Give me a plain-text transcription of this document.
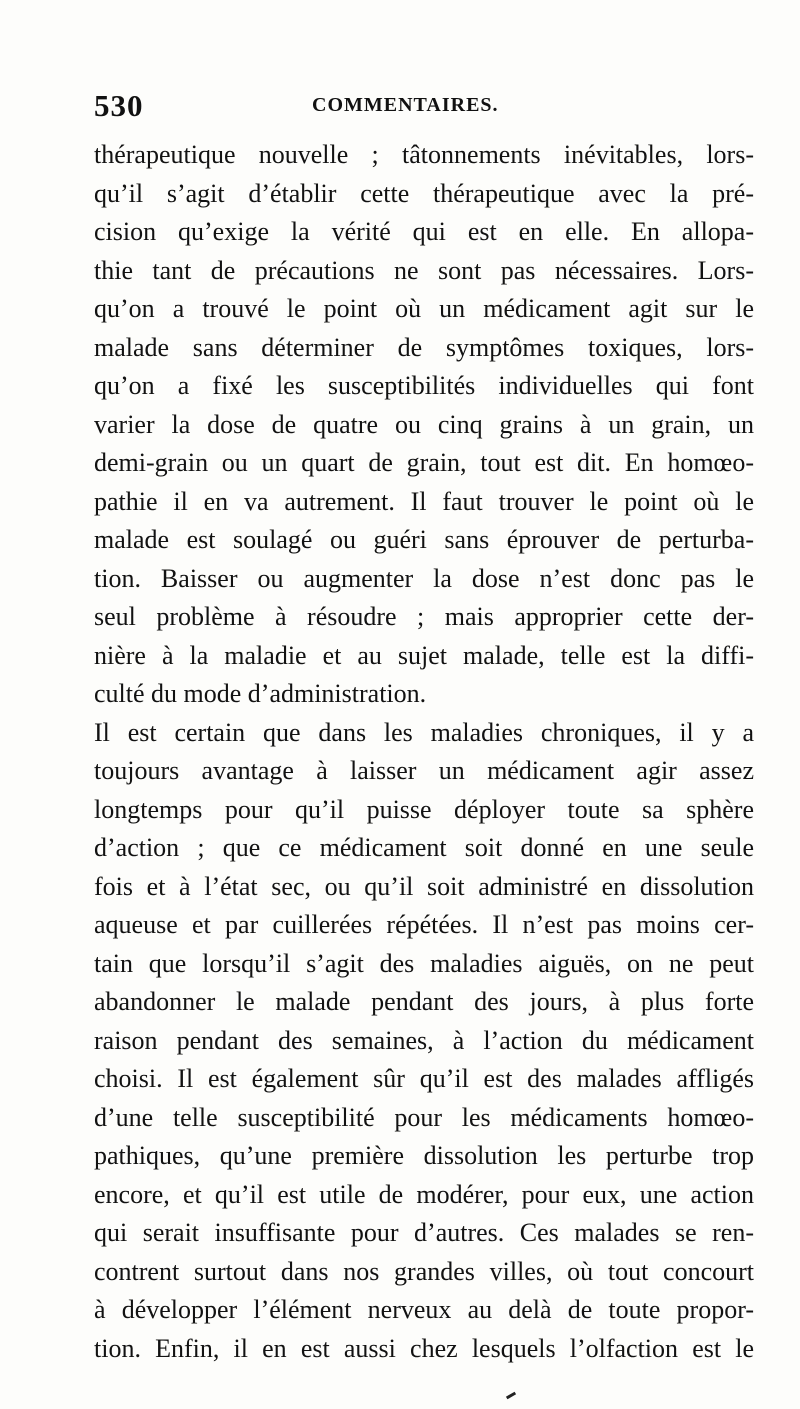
530	COMMENTAIRES.

thérapeutique nouvelle ; tâtonnements inévitables, lors-
qu’il s’agit d’établir cette thérapeutique avec la pré-
cision qu’exige la vérité qui est en elle. En allopa-
thie tant de précautions ne sont pas nécessaires. Lors-
qu’on a trouvé le point où un médicament agit sur le
malade sans déterminer de symptômes toxiques, lors-
qu’on a fixé les susceptibilités individuelles qui font
varier la dose de quatre ou cinq grains à un grain, un
demi-grain ou un quart de grain, tout est dit. En homœo-
pathie il en va autrement. Il faut trouver le point où le
malade est soulagé ou guéri sans éprouver de perturba-
tion. Baisser ou augmenter la dose n’est donc pas le
seul problème à résoudre ; mais approprier cette der-
nière à la maladie et au sujet malade, telle est la diffi-
culté du mode d’administration.
Il est certain que dans les maladies chroniques, il y a
toujours avantage à laisser un médicament agir assez
longtemps pour qu’il puisse déployer toute sa sphère
d’action ; que ce médicament soit donné en une seule
fois et à l’état sec, ou qu’il soit administré en dissolution
aqueuse et par cuillerées répétées. Il n’est pas moins cer-
tain que lorsqu’il s’agit des maladies aiguës, on ne peut
abandonner le malade pendant des jours, à plus forte
raison pendant des semaines, à l’action du médicament
choisi. Il est également sûr qu’il est des malades affligés
d’une telle susceptibilité pour les médicaments homœo-
pathiques, qu’une première dissolution les perturbe trop
encore, et qu’il est utile de modérer, pour eux, une action
qui serait insuffisante pour d’autres. Ces malades se ren-
contrent surtout dans nos grandes villes, où tout concourt
à développer l’élément nerveux au delà de toute propor-
tion. Enfin, il en est aussi chez lesquels l’olfaction est le
